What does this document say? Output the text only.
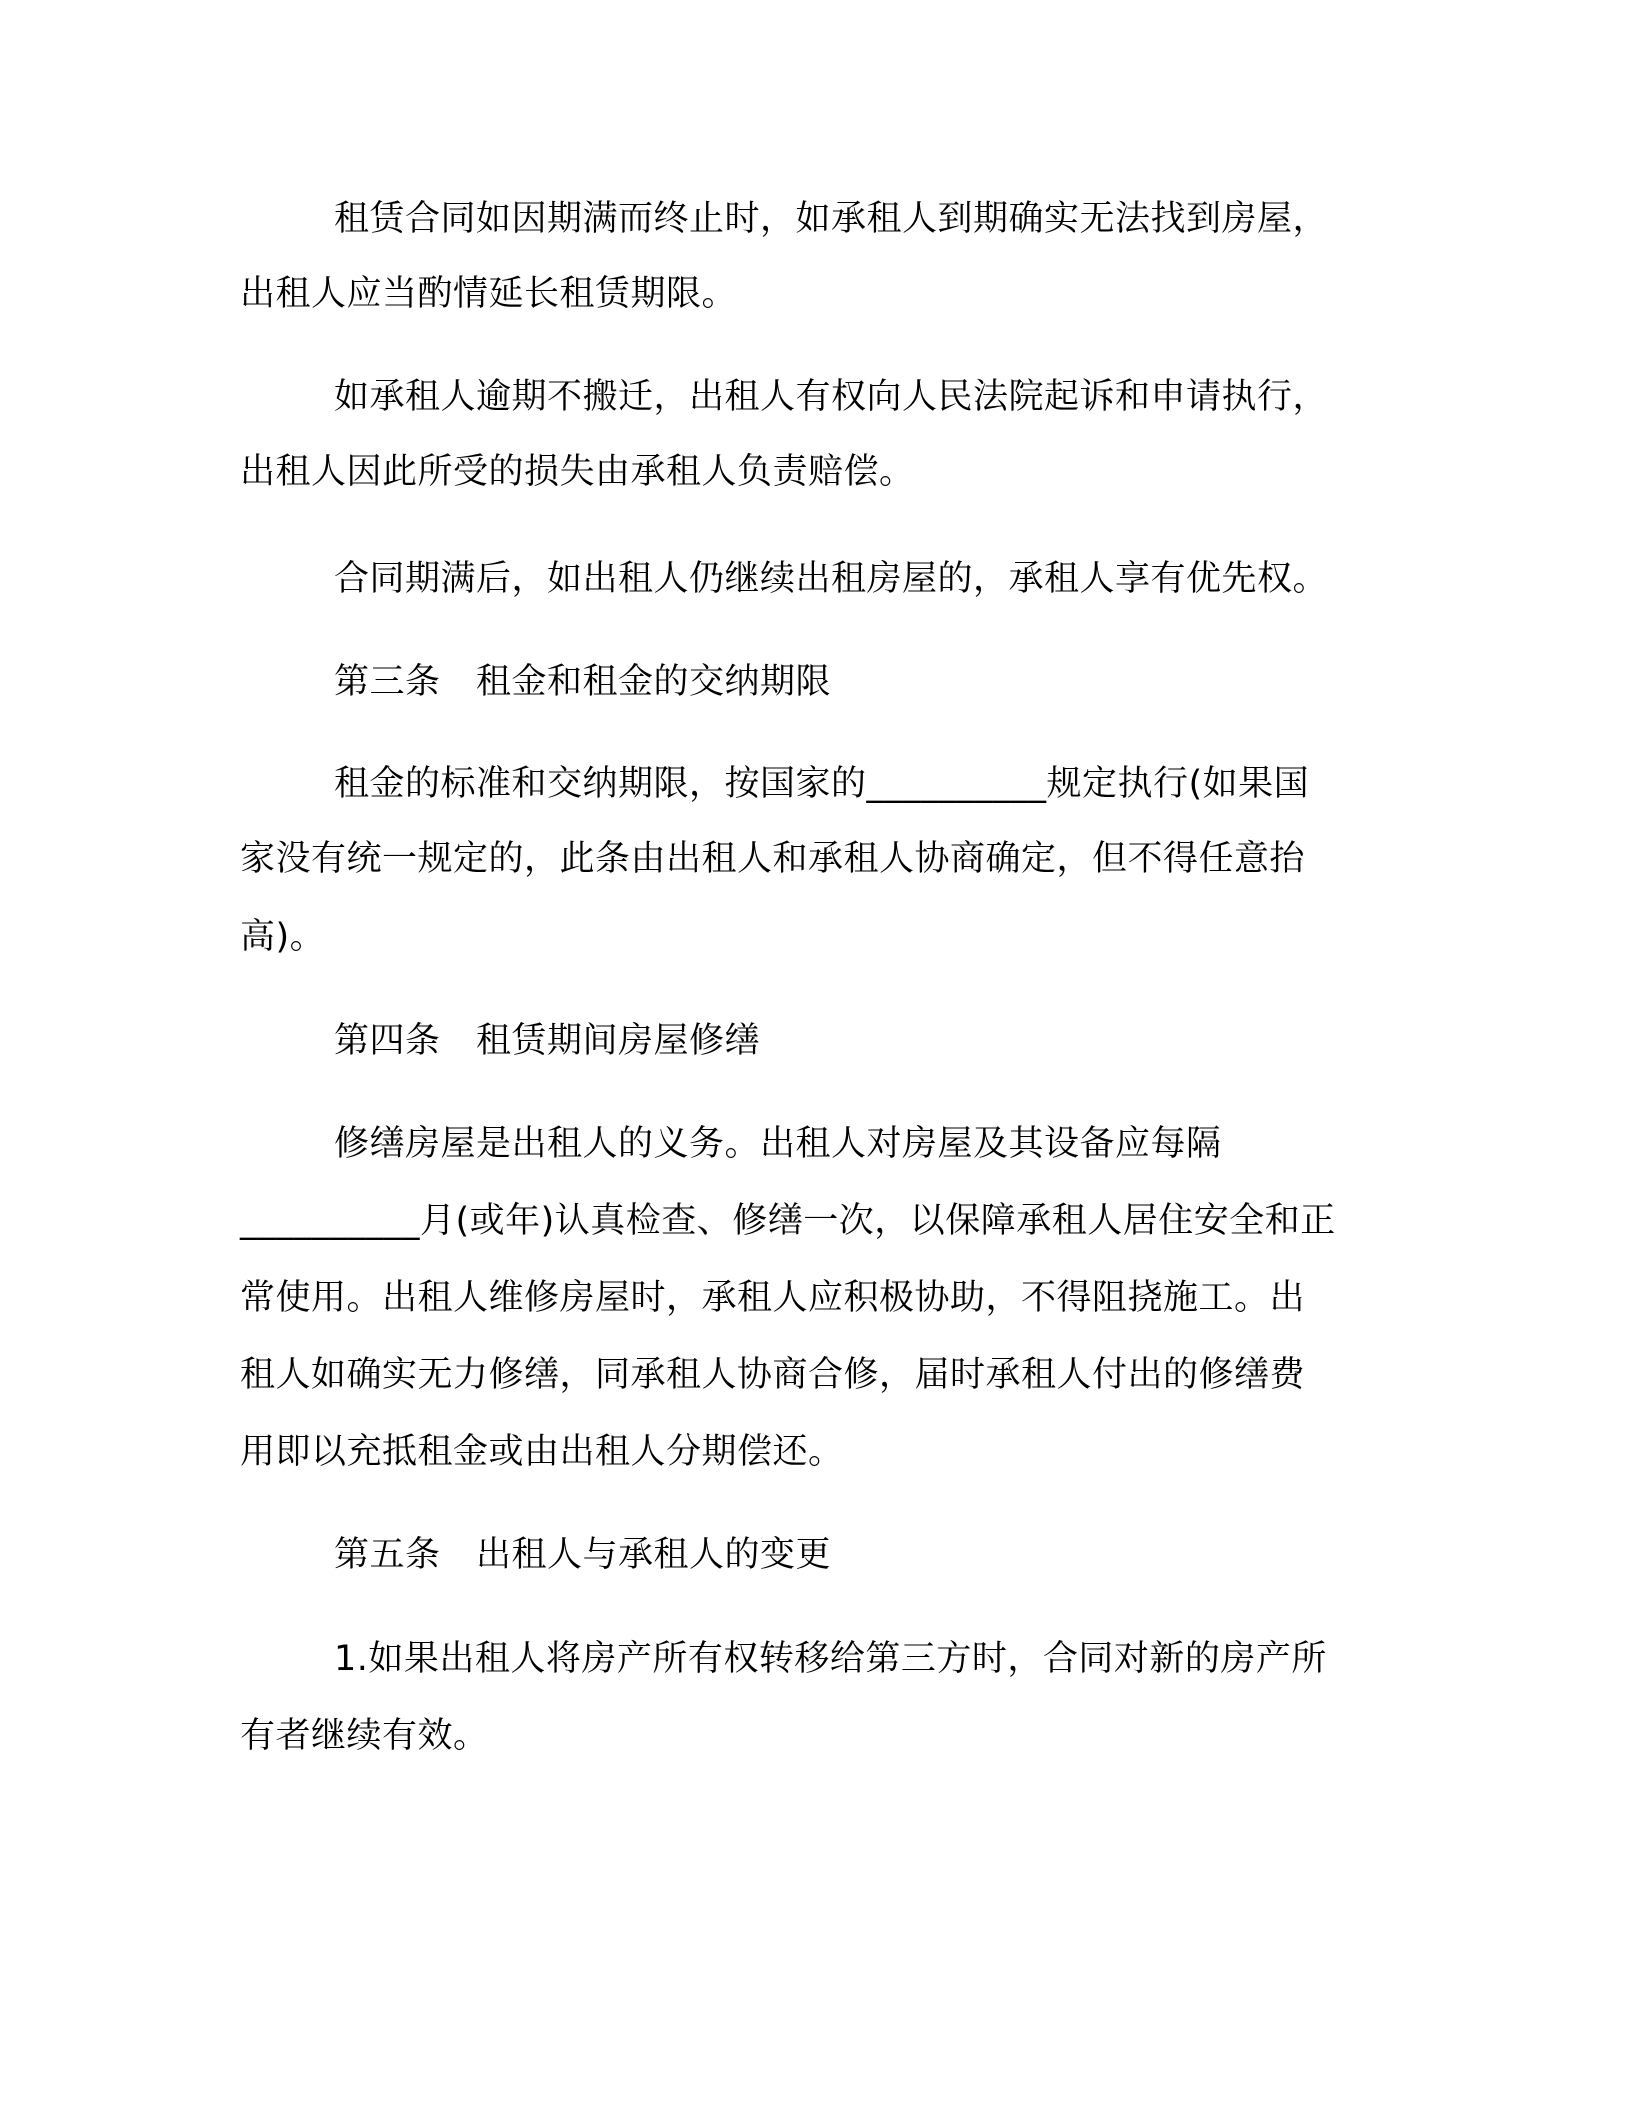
租赁合同如因期满而终止时，如承租人到期确实无法找到房屋，
出租人应当酌情延长租赁期限。
如承租人逾期不搬迁，出租人有权向人民法院起诉和申请执行，
出租人因此所受的损失由承租人负责赔偿。
合同期满后，如出租人仍继续出租房屋的，承租人享有优先权。
第三条　租金和租金的交纳期限
租金的标准和交纳期限，按国家的__________规定执行(如果国
家没有统一规定的，此条由出租人和承租人协商确定，但不得任意抬
高)。
第四条　租赁期间房屋修缮
修缮房屋是出租人的义务。出租人对房屋及其设备应每隔
__________月(或年)认真检查、修缮一次，以保障承租人居住安全和正
常使用。出租人维修房屋时，承租人应积极协助，不得阻挠施工。出
租人如确实无力修缮，同承租人协商合修，届时承租人付出的修缮费
用即以充抵租金或由出租人分期偿还。
第五条　出租人与承租人的变更
1.如果出租人将房产所有权转移给第三方时，合同对新的房产所
有者继续有效。
